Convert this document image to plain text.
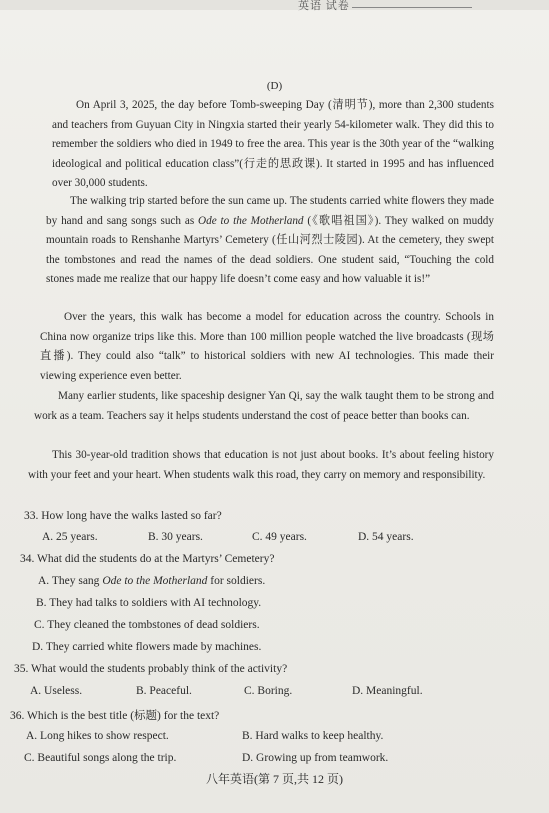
英语 试卷
(D)

On April 3, 2025, the day before Tomb-sweeping Day (清明节), more than 2,300 students and teachers from Guyuan City in Ningxia started their yearly 54-kilometer walk. They did this to remember the soldiers who died in 1949 to free the area. This year is the 30th year of the “walking ideological and political education class”(行走的思政课). It started in 1995 and has influenced over 30,000 students.

The walking trip started before the sun came up. The students carried white flowers they made by hand and sang songs such as Ode to the Motherland (《歌唱祖国》). They walked on muddy mountain roads to Renshanhe Martyrs’ Cemetery (任山河烈士陵园). At the cemetery, they swept the tombstones and read the names of the dead soldiers. One student said, “Touching the cold stones made me realize that our happy life doesn’t come easy and how valuable it is!”

Over the years, this walk has become a model for education across the country. Schools in China now organize trips like this. More than 100 million people watched the live broadcasts (现场直播). They could also “talk” to historical soldiers with new AI technologies. This made their viewing experience even better.

Many earlier students, like spaceship designer Yan Qi, say the walk taught them to be strong and work as a team. Teachers say it helps students understand the cost of peace better than books can.

This 30-year-old tradition shows that education is not just about books. It’s about feeling history with your feet and your heart. When students walk this road, they carry on memory and responsibility.

33. How long have the walks lasted so far?
A. 25 years.	B. 30 years.	C. 49 years.	D. 54 years.
34. What did the students do at the Martyrs’ Cemetery?
A. They sang Ode to the Motherland for soldiers.
B. They had talks to soldiers with AI technology.
C. They cleaned the tombstones of dead soldiers.
D. They carried white flowers made by machines.
35. What would the students probably think of the activity?
A. Useless.	B. Peaceful.	C. Boring.	D. Meaningful.
36. Which is the best title (标题) for the text?
A. Long hikes to show respect.	B. Hard walks to keep healthy.
C. Beautiful songs along the trip.	D. Growing up from teamwork.
八年英语(第 7 页,共 12 页)
